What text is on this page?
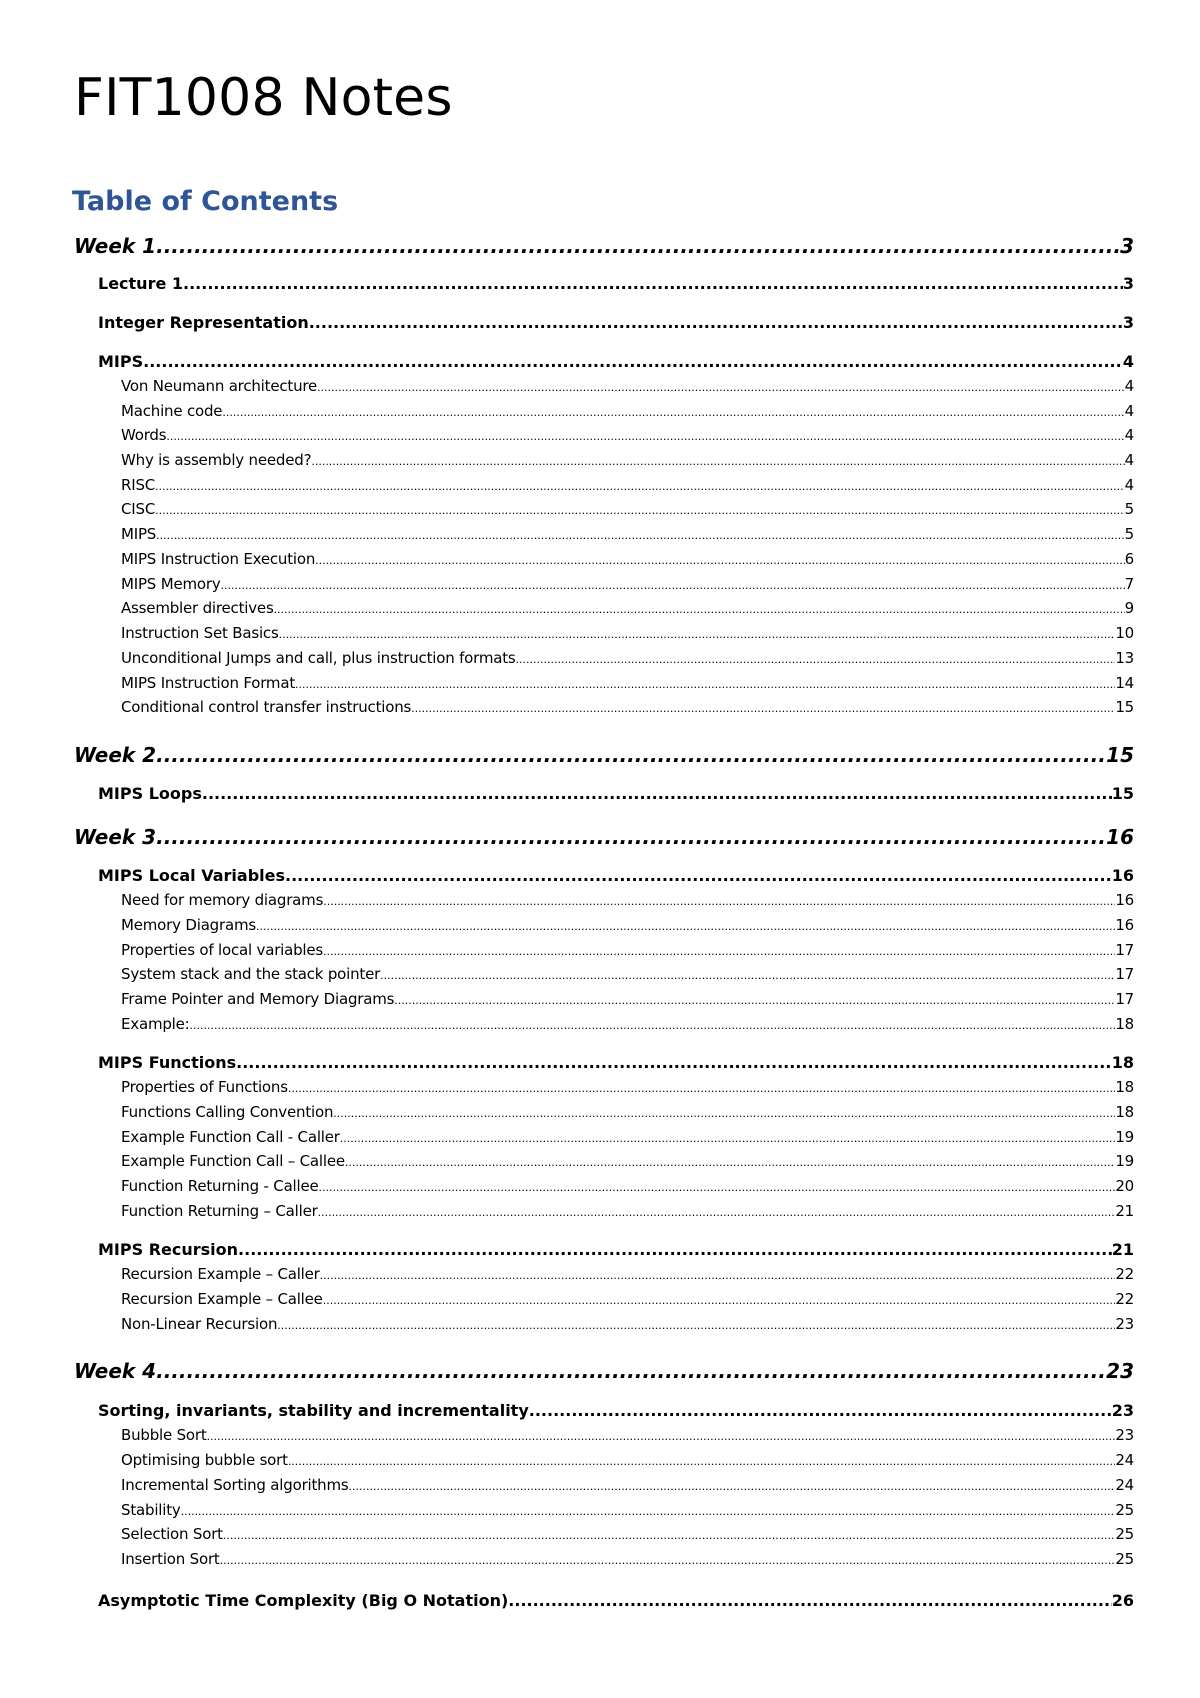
FIT1008 Notes
Table of Contents
Week 1 .....	3
Lecture 1 .....	3
Integer Representation .....	3
MIPS .....	4
Von Neumann architecture .....	4
Machine code .....	4
Words .....	4
Why is assembly needed? .....	4
RISC .....	4
CISC .....	5
MIPS .....	5
MIPS Instruction Execution .....	6
MIPS Memory .....	7
Assembler directives .....	9
Instruction Set Basics .....	10
Unconditional Jumps and call, plus instruction formats .....	13
MIPS Instruction Format .....	14
Conditional control transfer instructions .....	15
Week 2 .....	15
MIPS Loops .....	15
Week 3 .....	16
MIPS Local Variables .....	16
Need for memory diagrams .....	16
Memory Diagrams .....	16
Properties of local variables .....	17
System stack and the stack pointer .....	17
Frame Pointer and Memory Diagrams .....	17
Example: .....	18
MIPS Functions .....	18
Properties of Functions .....	18
Functions Calling Convention .....	18
Example Function Call - Caller .....	19
Example Function Call – Callee .....	19
Function Returning - Callee .....	20
Function Returning – Caller .....	21
MIPS Recursion .....	21
Recursion Example – Caller .....	22
Recursion Example – Callee .....	22
Non-Linear Recursion .....	23
Week 4 .....	23
Sorting, invariants, stability and incrementality .....	23
Bubble Sort .....	23
Optimising bubble sort .....	24
Incremental Sorting algorithms .....	24
Stability .....	25
Selection Sort .....	25
Insertion Sort .....	25
Asymptotic Time Complexity (Big O Notation) .....	26
